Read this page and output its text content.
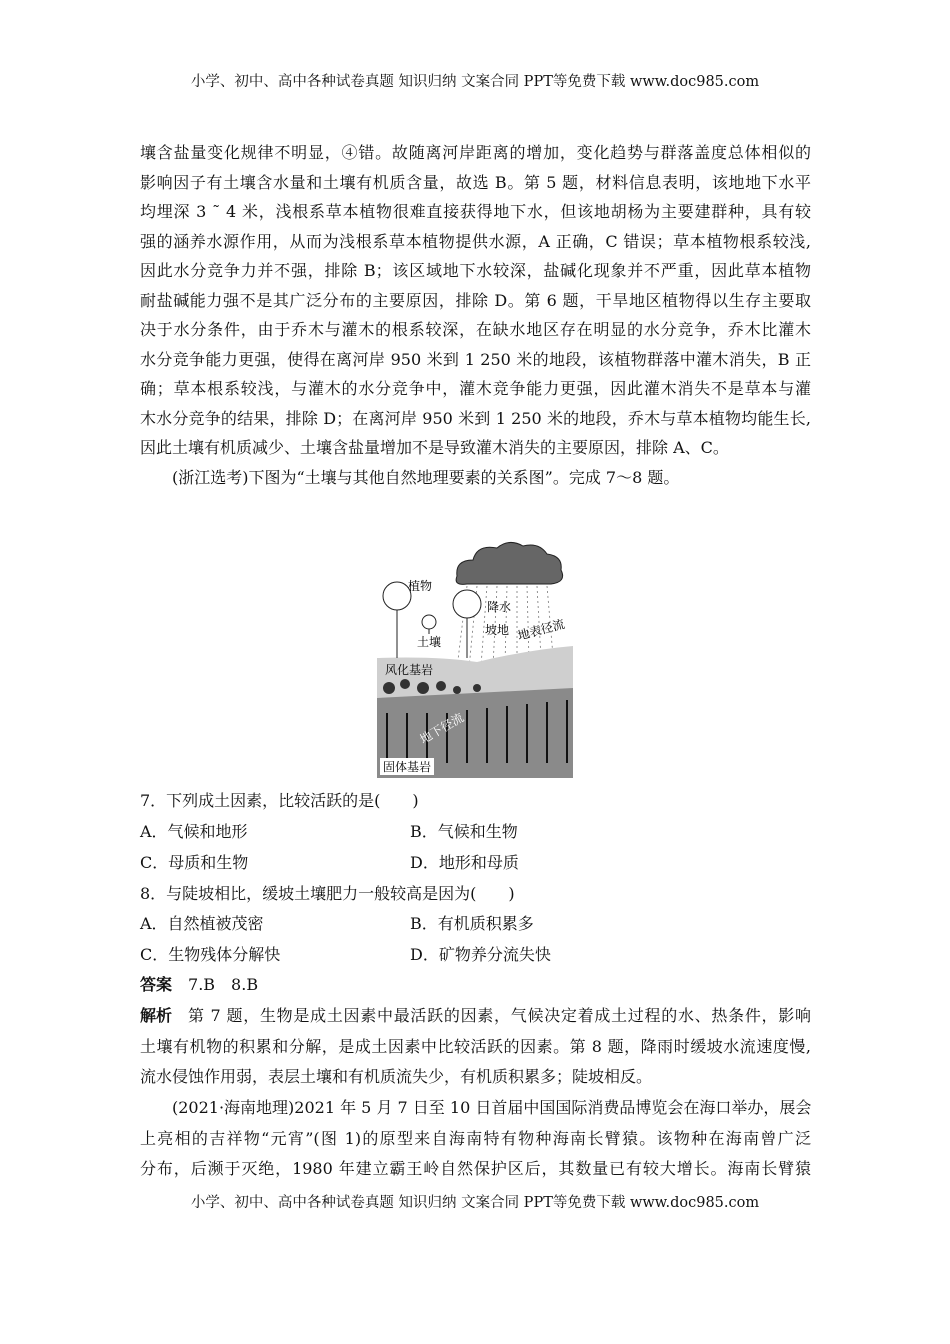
小学、初中、高中各种试卷真题 知识归纳 文案合同 PPT等免费下载 www.doc985.com
壤含盐量变化规律不明显，④错。故随离河岸距离的增加，变化趋势与群落盖度总体相似的
影响因子有土壤含水量和土壤有机质含量，故选 B。第 5 题，材料信息表明，该地地下水平
均埋深 3 ˜ 4 米，浅根系草本植物很难直接获得地下水，但该地胡杨为主要建群种，具有较
强的涵养水源作用，从而为浅根系草本植物提供水源，A 正确，C 错误；草本植物根系较浅,
因此水分竞争力并不强，排除 B；该区域地下水较深，盐碱化现象并不严重，因此草本植物
耐盐碱能力强不是其广泛分布的主要原因，排除 D。第 6 题，干旱地区植物得以生存主要取
决于水分条件，由于乔木与灌木的根系较深，在缺水地区存在明显的水分竞争，乔木比灌木
水分竞争能力更强，使得在离河岸 950 米到 1 250 米的地段，该植物群落中灌木消失，B 正
确；草本根系较浅，与灌木的水分竞争中，灌木竞争能力更强，因此灌木消失不是草本与灌
木水分竞争的结果，排除 D；在离河岸 950 米到 1 250 米的地段，乔木与草本植物均能生长,
因此土壤有机质减少、土壤含盐量增加不是导致灌木消失的主要原因，排除 A、C。
(浙江选考)下图为“土壤与其他自然地理要素的关系图”。完成 7～8 题。
降水
植物
土壤
坡地 地表径流
风化基岩
地下径流
固体基岩
7．下列成土因素，比较活跃的是(　　)
A．气候和地形	B．气候和生物
C．母质和生物	D．地形和母质
8．与陡坡相比，缓坡土壤肥力一般较高是因为(　　)
A．自然植被茂密	B．有机质积累多
C．生物残体分解快	D．矿物养分流失快
答案　 7.B　8.B
解析 第 7 题，生物是成土因素中最活跃的因素，气候决定着成土过程的水、热条件，影响
土壤有机物的积累和分解，是成土因素中比较活跃的因素。第 8 题，降雨时缓坡水流速度慢,
流水侵蚀作用弱，表层土壤和有机质流失少，有机质积累多；陡坡相反。
(2021·海南地理)2021 年 5 月 7 日至 10 日首届中国国际消费品博览会在海口举办，展会
上亮相的吉祥物“元宵”(图 1)的原型来自海南特有物种海南长臂猿。该物种在海南曾广泛
分布，后濒于灭绝，1980 年建立霸王岭自然保护区后，其数量已有较大增长。海南长臂猿
小学、初中、高中各种试卷真题 知识归纳 文案合同 PPT等免费下载 www.doc985.com
